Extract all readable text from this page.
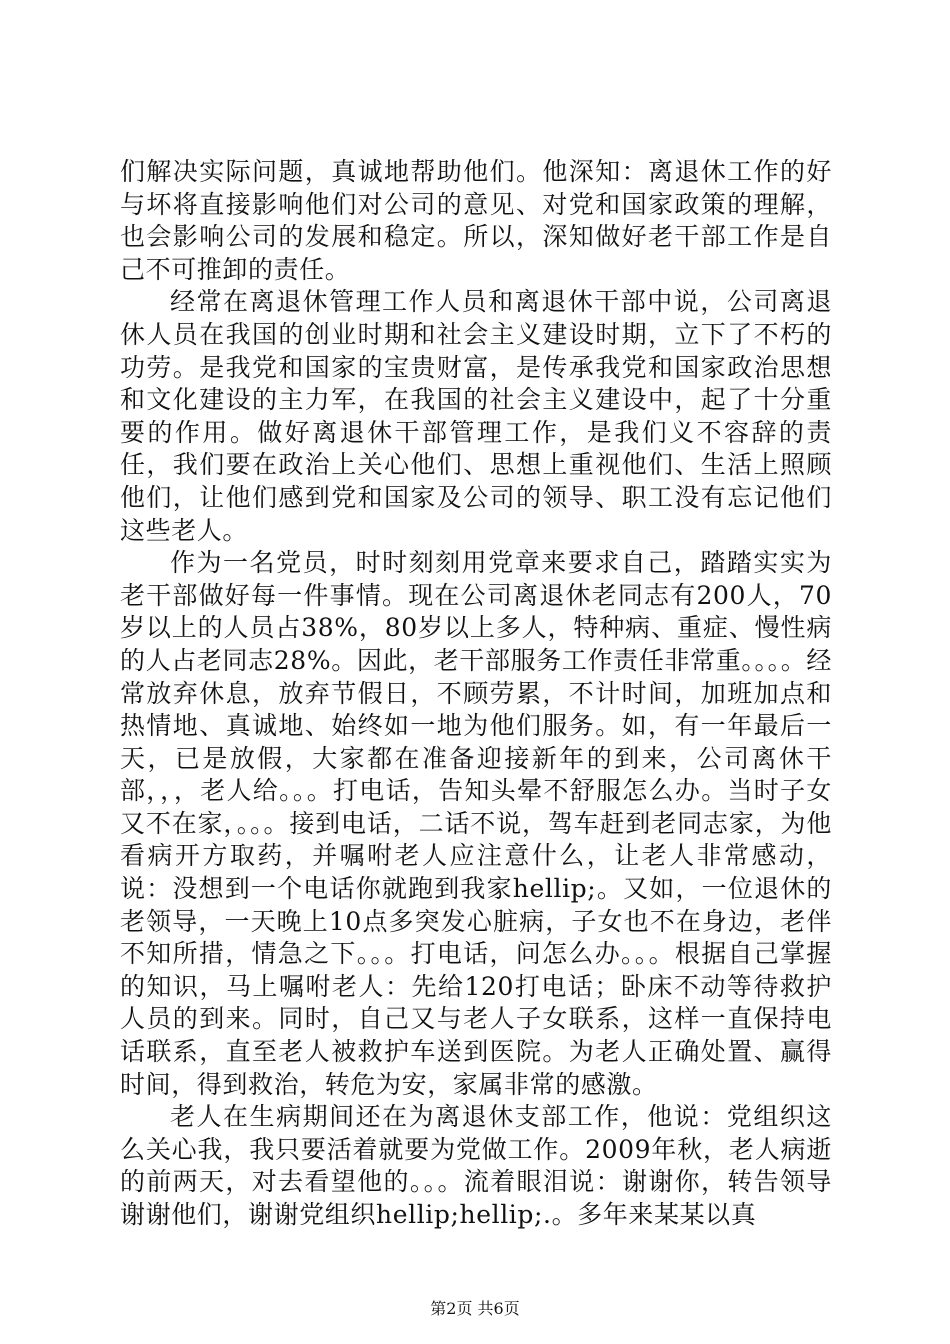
们解决实际问题，真诚地帮助他们。他深知：离退休工作的好与坏将直接影响他们对公司的意见、对党和国家政策的理解，也会影响公司的发展和稳定。所以，深知做好老干部工作是自己不可推卸的责任。

经常在离退休管理工作人员和离退休干部中说，公司离退休人员在我国的创业时期和社会主义建设时期，立下了不朽的功劳。是我党和国家的宝贵财富，是传承我党和国家政治思想和文化建设的主力军，在我国的社会主义建设中，起了十分重要的作用。做好离退休干部管理工作，是我们义不容辞的责任，我们要在政治上关心他们、思想上重视他们、生活上照顾他们，让他们感到党和国家及公司的领导、职工没有忘记他们这些老人。

作为一名党员，时时刻刻用党章来要求自己，踏踏实实为老干部做好每一件事情。现在公司离退休老同志有200人，70岁以上的人员占38%，80岁以上多人，特种病、重症、慢性病的人占老同志28%。因此，老干部服务工作责任非常重。。。。经常放弃休息，放弃节假日，不顾劳累，不计时间，加班加点和热情地、真诚地、始终如一地为他们服务。如，有一年最后一天，已是放假，大家都在准备迎接新年的到来，公司离休干部，，，老人给。。。打电话，告知头晕不舒服怎么办。当时子女又不在家，。。。接到电话，二话不说，驾车赶到老同志家，为他看病开方取药，并嘱咐老人应注意什么，让老人非常感动，说：没想到一个电话你就跑到我家hellip;。又如，一位退休的老领导，一天晚上10点多突发心脏病，子女也不在身边，老伴不知所措，情急之下。。。打电话，问怎么办。。。根据自己掌握的知识，马上嘱咐老人：先给120打电话；卧床不动等待救护人员的到来。同时，自己又与老人子女联系，这样一直保持电话联系，直至老人被救护车送到医院。为老人正确处置、赢得时间，得到救治，转危为安，家属非常的感激。

老人在生病期间还在为离退休支部工作，他说：党组织这么关心我，我只要活着就要为党做工作。2009年秋，老人病逝的前两天，对去看望他的。。。流着眼泪说：谢谢你，转告领导谢谢他们，谢谢党组织hellip;hellip;.。多年来某某以真

第2页 共6页
